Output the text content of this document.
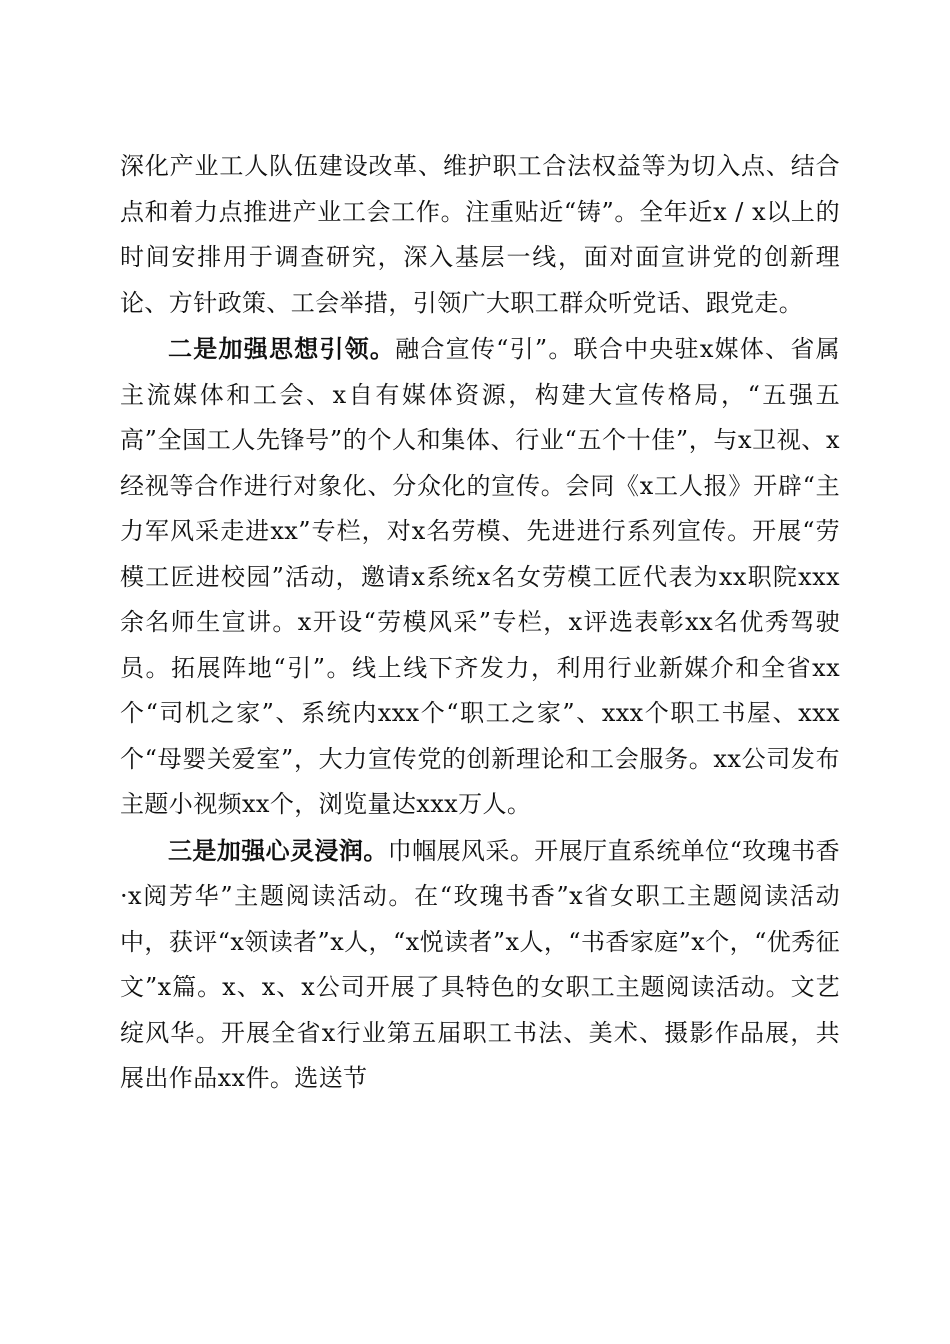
深化产业工人队伍建设改革、维护职工合法权益等为切入点、结合点和着力点推进产业工会工作。注重贴近“铸”。全年近x / x以上的时间安排用于调查研究，深入基层一线，面对面宣讲党的创新理论、方针政策、工会举措，引领广大职工群众听党话、跟党走。

二是加强思想引领。融合宣传“引”。联合中央驻x媒体、省属主流媒体和工会、x自有媒体资源，构建大宣传格局，“五强五高”全国工人先锋号”的个人和集体、行业“五个十佳”，与x卫视、x经视等合作进行对象化、分众化的宣传。会同《x工人报》开辟“主力军风采走进xx”专栏，对x名劳模、先进进行系列宣传。开展“劳模工匠进校园”活动，邀请x系统x名女劳模工匠代表为xx职院xxx余名师生宣讲。x开设“劳模风采”专栏，x评选表彰xx名优秀驾驶员。拓展阵地“引”。线上线下齐发力，利用行业新媒介和全省xx个“司机之家”、系统内xxx个“职工之家”、xxx个职工书屋、xxx个“母婴关爱室”，大力宣传党的创新理论和工会服务。xx公司发布主题小视频xx个，浏览量达xxx万人。

三是加强心灵浸润。巾帼展风采。开展厅直系统单位“玫瑰书香·x阅芳华”主题阅读活动。在“玫瑰书香”x省女职工主题阅读活动中，获评“x领读者”x人，“x悦读者”x人，“书香家庭”x个，“优秀征文”x篇。x、x、x公司开展了具特色的女职工主题阅读活动。文艺绽风华。开展全省x行业第五届职工书法、美术、摄影作品展，共展出作品xx件。选送节
